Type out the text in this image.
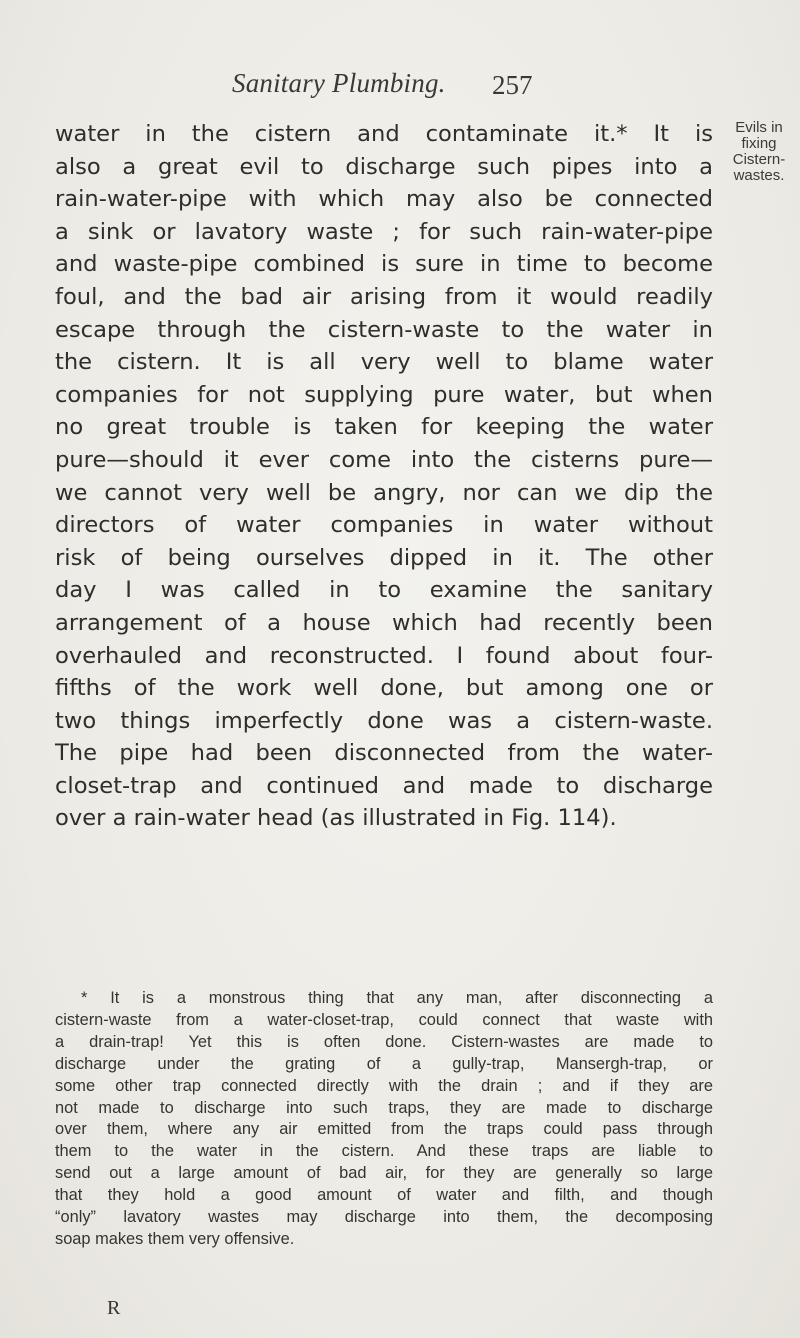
Sanitary Plumbing. 257
Evils in
fixing
Cistern-
wastes.
water in the cistern and contaminate it.* It is
also a great evil to discharge such pipes into a
rain-water-pipe with which may also be connected
a sink or lavatory waste ; for such rain-water-pipe
and waste-pipe combined is sure in time to become
foul, and the bad air arising from it would readily
escape through the cistern-waste to the water in
the cistern. It is all very well to blame water
companies for not supplying pure water, but when
no great trouble is taken for keeping the water
pure—should it ever come into the cisterns pure—
we cannot very well be angry, nor can we dip the
directors of water companies in water without
risk of being ourselves dipped in it. The other
day I was called in to examine the sanitary
arrangement of a house which had recently been
overhauled and reconstructed. I found about four-
fifths of the work well done, but among one or
two things imperfectly done was a cistern-waste.
The pipe had been disconnected from the water-
closet-trap and continued and made to discharge
over a rain-water head (as illustrated in Fig. 114).
* It is a monstrous thing that any man, after disconnecting a
cistern-waste from a water-closet-trap, could connect that waste with
a drain-trap! Yet this is often done. Cistern-wastes are made to
discharge under the grating of a gully-trap, Mansergh-trap, or
some other trap connected directly with the drain ; and if they are
not made to discharge into such traps, they are made to discharge
over them, where any air emitted from the traps could pass through
them to the water in the cistern. And these traps are liable to
send out a large amount of bad air, for they are generally so large
that they hold a good amount of water and filth, and though
“only” lavatory wastes may discharge into them, the decomposing
soap makes them very offensive.
R
